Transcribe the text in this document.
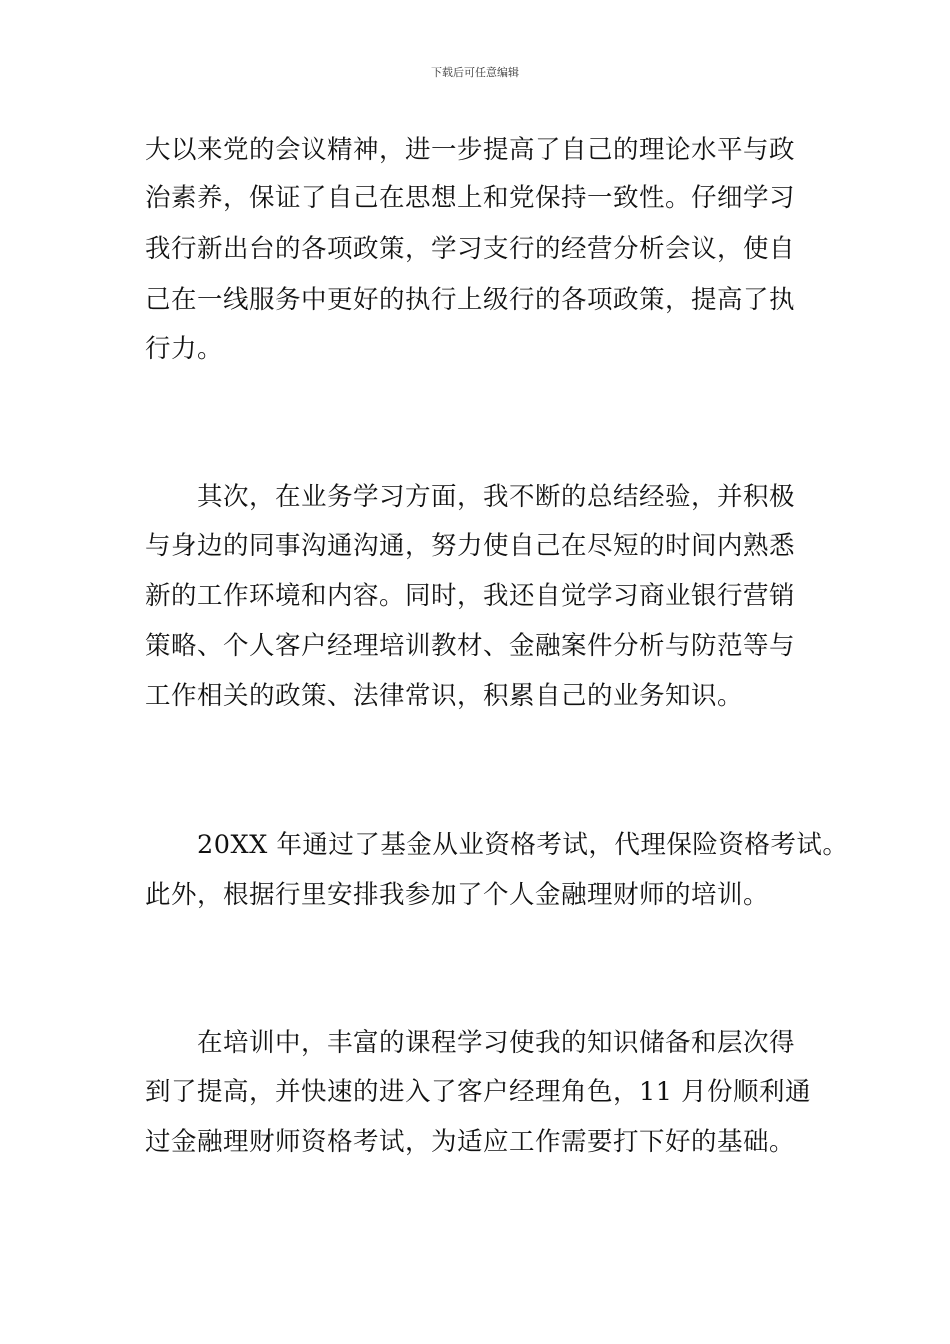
下载后可任意编辑
大以来党的会议精神，进一步提高了自己的理论水平与政
治素养，保证了自己在思想上和党保持一致性。仔细学习
我行新出台的各项政策，学习支行的经营分析会议，使自
己在一线服务中更好的执行上级行的各项政策，提高了执
行力。
其次，在业务学习方面，我不断的总结经验，并积极
与身边的同事沟通沟通，努力使自己在尽短的时间内熟悉
新的工作环境和内容。同时，我还自觉学习商业银行营销
策略、个人客户经理培训教材、金融案件分析与防范等与
工作相关的政策、法律常识，积累自己的业务知识。
20XX 年通过了基金从业资格考试，代理保险资格考试。
此外，根据行里安排我参加了个人金融理财师的培训。
在培训中，丰富的课程学习使我的知识储备和层次得
到了提高，并快速的进入了客户经理角色，11 月份顺利通
过金融理财师资格考试，为适应工作需要打下好的基础。
